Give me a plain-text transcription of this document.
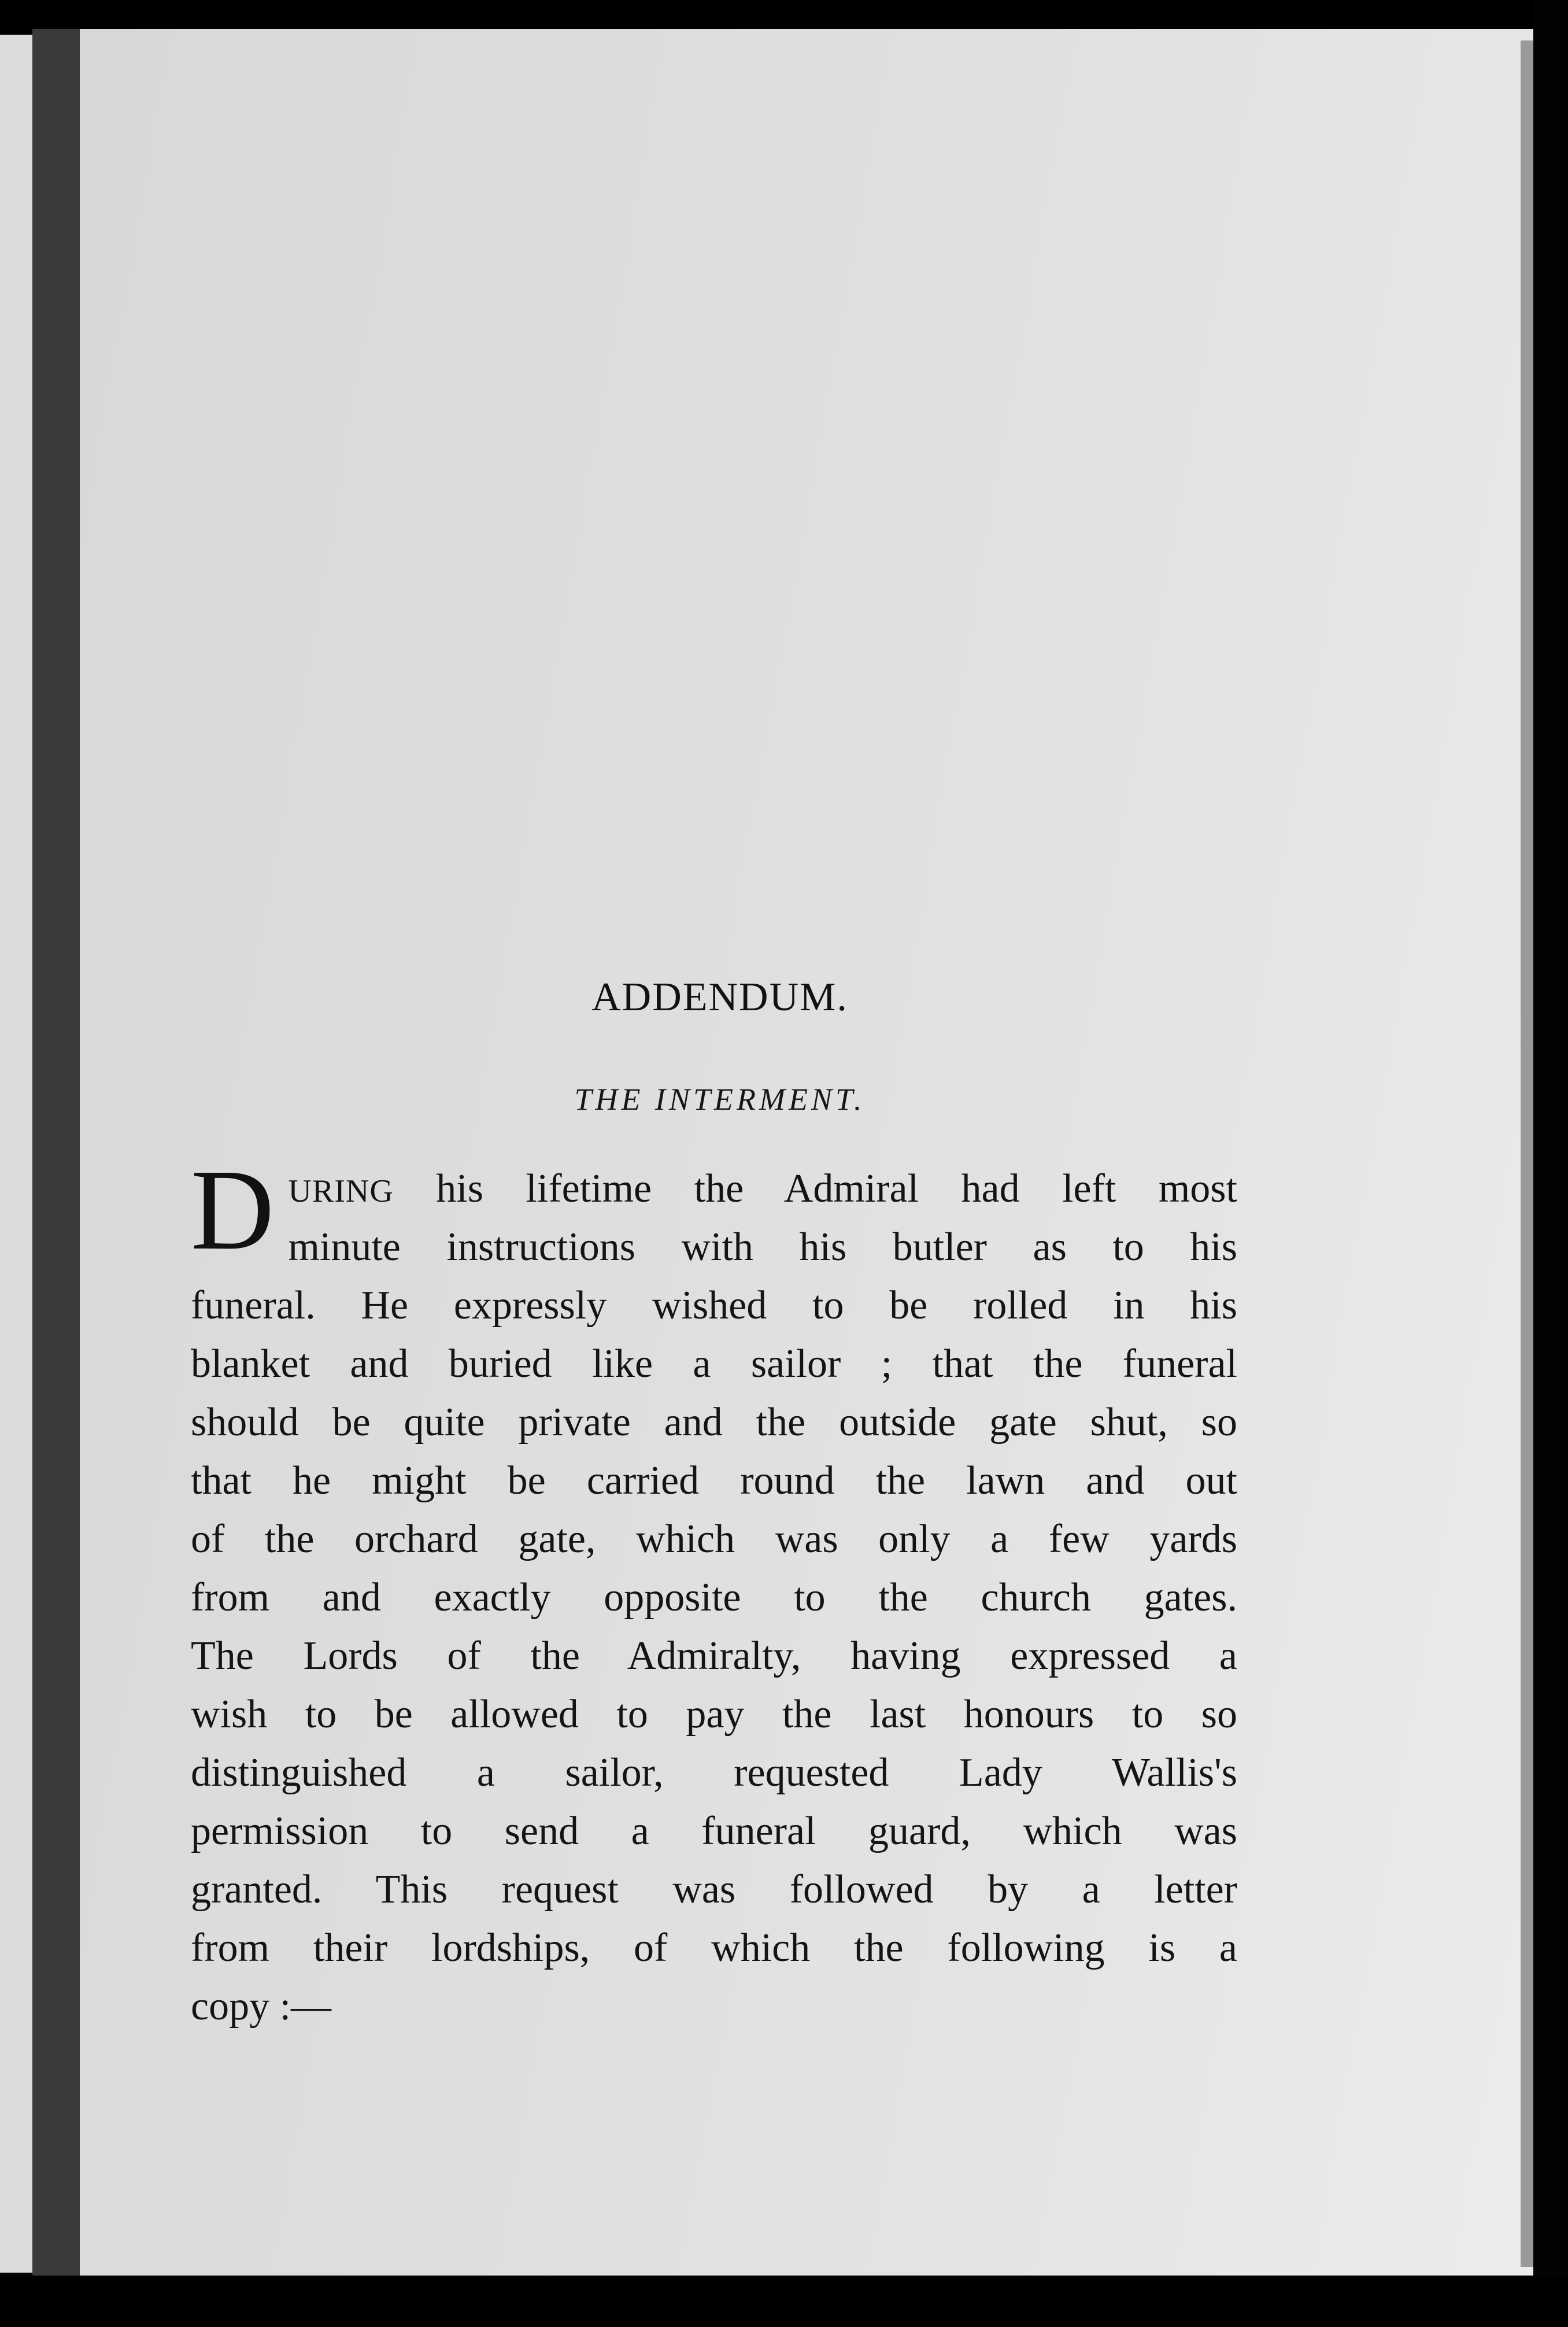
ADDENDUM.
THE INTERMENT.
D URING his lifetime the Admiral had left most
minute instructions with his butler as to his
funeral. He expressly wished to be rolled in his
blanket and buried like a sailor ; that the funeral
should be quite private and the outside gate shut, so
that he might be carried round the lawn and out
of the orchard gate, which was only a few yards
from and exactly opposite to the church gates.
The Lords of the Admiralty, having expressed a
wish to be allowed to pay the last honours to so
distinguished a sailor, requested Lady Wallis's
permission to send a funeral guard, which was
granted. This request was followed by a letter
from their lordships, of which the following is a
copy :—
